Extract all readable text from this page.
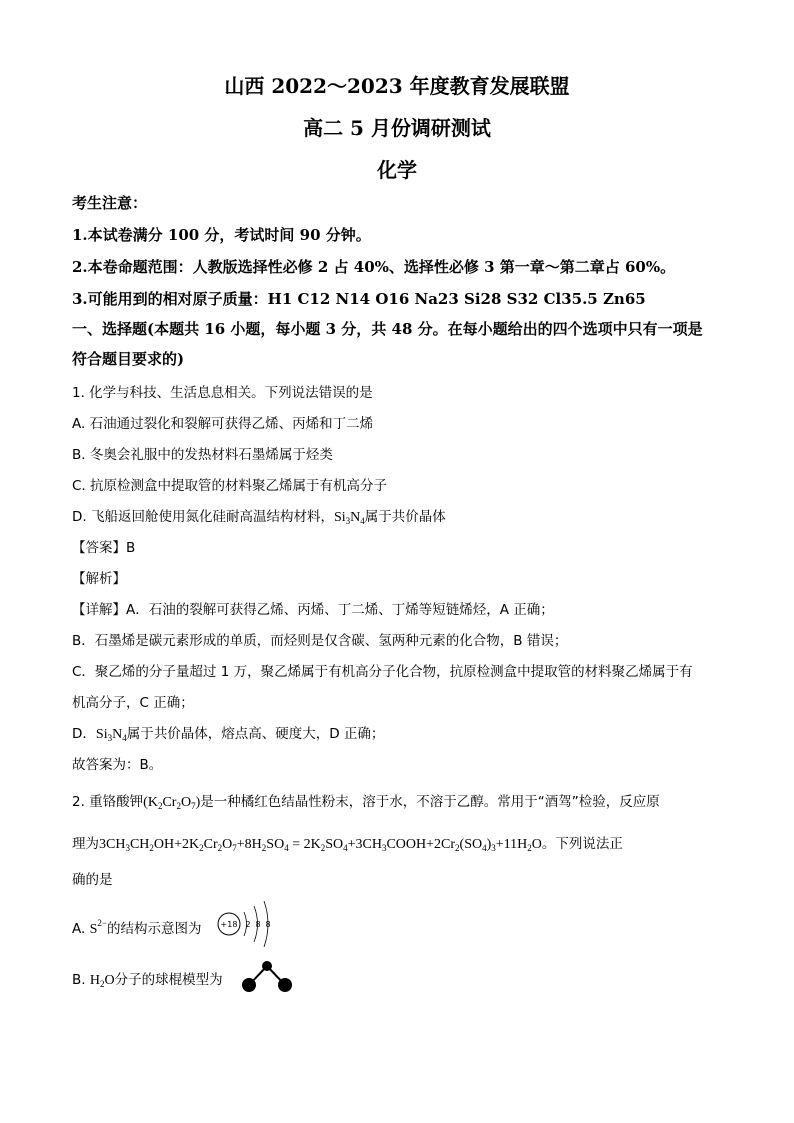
山西 2022～2023 年度教育发展联盟
高二 5 月份调研测试
化学
考生注意：
1.本试卷满分 100 分，考试时间 90 分钟。
2.本卷命题范围：人教版选择性必修 2 占 40%、选择性必修 3 第一章～第二章占 60%。
3.可能用到的相对原子质量：H1 C12 N14 O16 Na23 Si28 S32 Cl35.5 Zn65
一、选择题(本题共 16 小题，每小题 3 分，共 48 分。在每小题给出的四个选项中只有一项是
符合题目要求的)
1. 化学与科技、生活息息相关。下列说法错误的是
A. 石油通过裂化和裂解可获得乙烯、丙烯和丁二烯
B. 冬奥会礼服中的发热材料石墨烯属于烃类
C. 抗原检测盒中提取管的材料聚乙烯属于有机高分子
D. 飞船返回舱使用氮化硅耐高温结构材料，$Si_3N_4$属于共价晶体
【答案】B
【解析】
【详解】A．石油的裂解可获得乙烯、丙烯、丁二烯、丁烯等短链烯烃，A 正确；
B．石墨烯是碳元素形成的单质，而烃则是仅含碳、氢两种元素的化合物，B 错误；
C．聚乙烯的分子量超过 1 万，聚乙烯属于有机高分子化合物，抗原检测盒中提取管的材料聚乙烯属于有
机高分子，C 正确；
D．$Si_3N_4$属于共价晶体，熔点高、硬度大，D 正确；
故答案为：B。
2. 重铬酸钾$(K_2Cr_2O_7)$是一种橘红色结晶性粉末，溶于水，不溶于乙醇。常用于“酒驾”检验，反应原
理为$3CH_3CH_2OH+2K_2Cr_2O_7+8H_2SO_4$ = $2K_2SO_4+3CH_3COOH+2Cr_2(SO_4)_3+11H_2O$。下列说法正
确的是
A. $S^{2-}$的结构示意图为 +18 2 8 8
B. $H_2O$分子的球棍模型为
